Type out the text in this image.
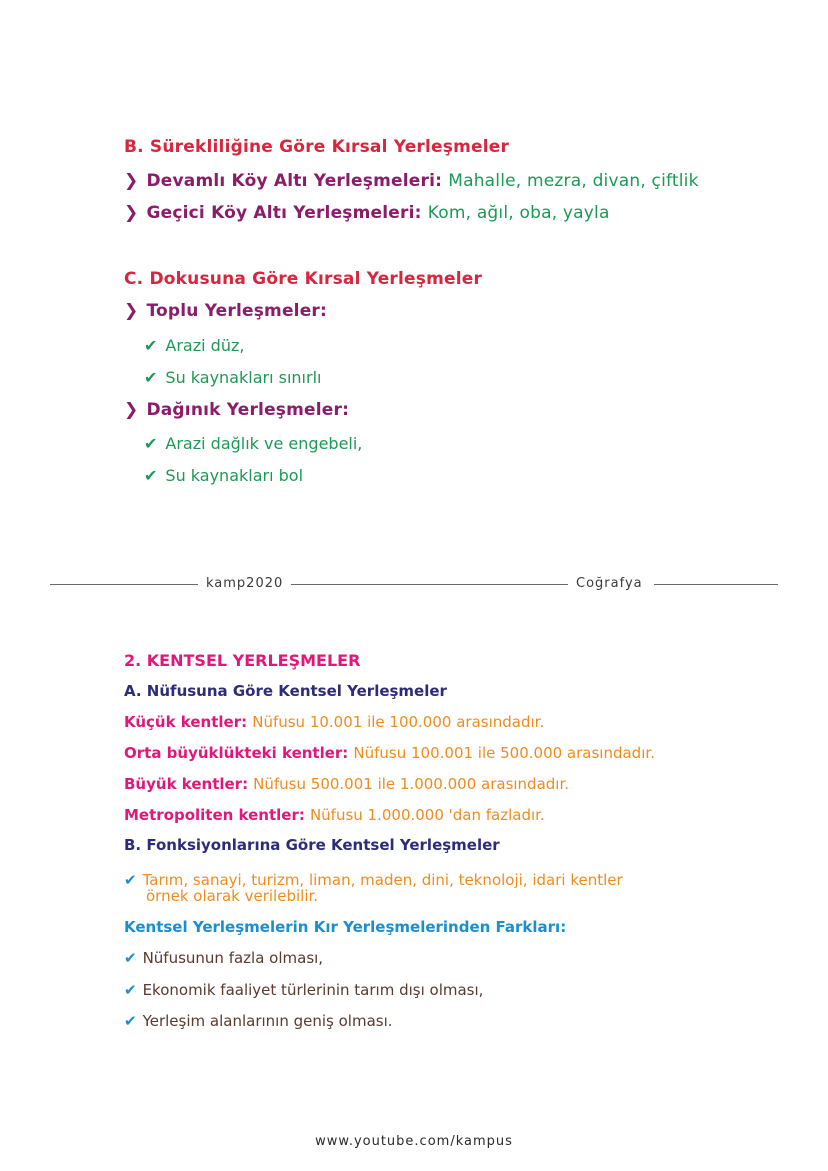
B. Sürekliliğine Göre Kırsal Yerleşmeler
❯ Devamlı Köy Altı Yerleşmeleri: Mahalle, mezra, divan, çiftlik
❯ Geçici Köy Altı Yerleşmeleri: Kom, ağıl, oba, yayla
C. Dokusuna Göre Kırsal Yerleşmeler
❯ Toplu Yerleşmeler:
✔ Arazi düz,
✔ Su kaynakları sınırlı
❯ Dağınık Yerleşmeler:
✔ Arazi dağlık ve engebeli,
✔ Su kaynakları bol
kamp2020	Coğrafya
2. KENTSEL YERLEŞMELER
A. Nüfusuna Göre Kentsel Yerleşmeler
Küçük kentler: Nüfusu 10.001 ile 100.000 arasındadır.
Orta büyüklükteki kentler: Nüfusu 100.001 ile 500.000 arasındadır.
Büyük kentler: Nüfusu 500.001 ile 1.000.000 arasındadır.
Metropoliten kentler: Nüfusu 1.000.000 'dan fazladır.
B. Fonksiyonlarına Göre Kentsel Yerleşmeler
✔ Tarım, sanayi, turizm, liman, maden, dini, teknoloji, idari kentler
örnek olarak verilebilir.
Kentsel Yerleşmelerin Kır Yerleşmelerinden Farkları:
✔ Nüfusunun fazla olması,
✔ Ekonomik faaliyet türlerinin tarım dışı olması,
✔ Yerleşim alanlarının geniş olması.
www.youtube.com/kampus
